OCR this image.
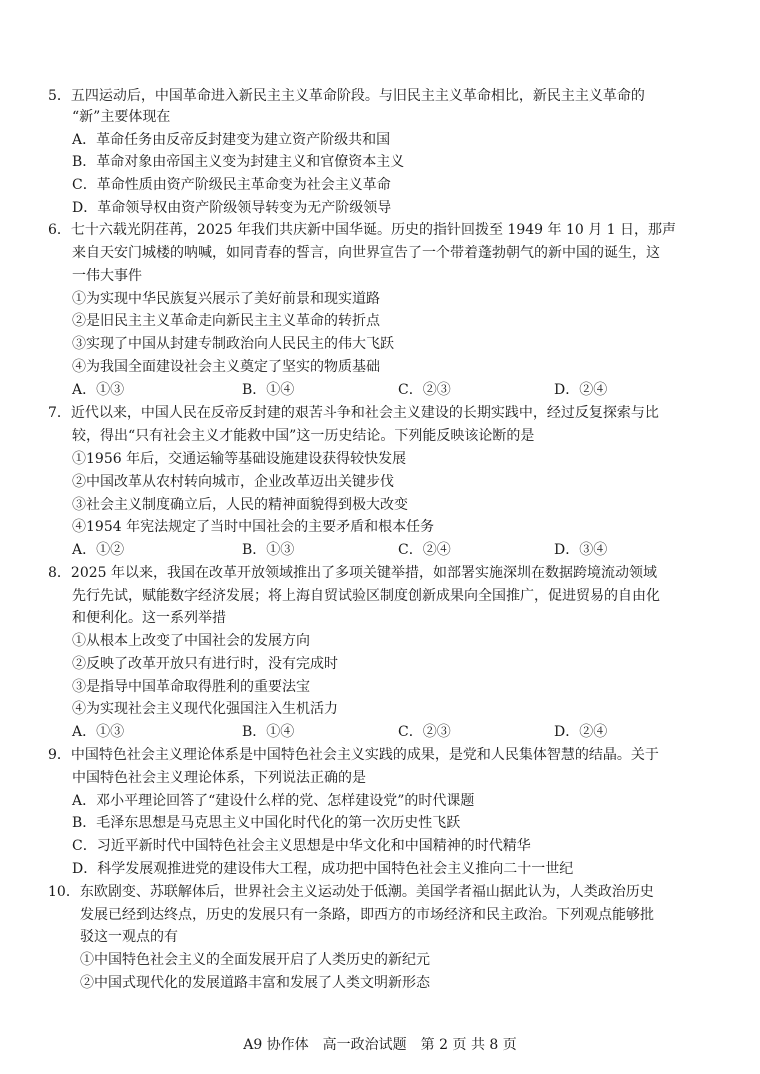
5．五四运动后，中国革命进入新民主主义革命阶段。与旧民主主义革命相比，新民主主义革命的
“新”主要体现在
A．革命任务由反帝反封建变为建立资产阶级共和国
B．革命对象由帝国主义变为封建主义和官僚资本主义
C．革命性质由资产阶级民主革命变为社会主义革命
D．革命领导权由资产阶级领导转变为无产阶级领导
6．七十六载光阴荏苒，2025 年我们共庆新中国华诞。历史的指针回拨至 1949 年 10 月 1 日，那声
来自天安门城楼的呐喊，如同青春的誓言，向世界宣告了一个带着蓬勃朝气的新中国的诞生，这
一伟大事件
①为实现中华民族复兴展示了美好前景和现实道路
②是旧民主主义革命走向新民主主义革命的转折点
③实现了中国从封建专制政治向人民民主的伟大飞跃
④为我国全面建设社会主义奠定了坚实的物质基础
A．①③	B．①④	C．②③	D．②④
7．近代以来，中国人民在反帝反封建的艰苦斗争和社会主义建设的长期实践中，经过反复探索与比
较，得出“只有社会主义才能救中国”这一历史结论。下列能反映该论断的是
①1956 年后，交通运输等基础设施建设获得较快发展
②中国改革从农村转向城市，企业改革迈出关键步伐
③社会主义制度确立后，人民的精神面貌得到极大改变
④1954 年宪法规定了当时中国社会的主要矛盾和根本任务
A．①②	B．①③	C．②④	D．③④
8．2025 年以来，我国在改革开放领域推出了多项关键举措，如部署实施深圳在数据跨境流动领域
先行先试，赋能数字经济发展；将上海自贸试验区制度创新成果向全国推广，促进贸易的自由化
和便利化。这一系列举措
①从根本上改变了中国社会的发展方向
②反映了改革开放只有进行时，没有完成时
③是指导中国革命取得胜利的重要法宝
④为实现社会主义现代化强国注入生机活力
A．①③	B．①④	C．②③	D．②④
9．中国特色社会主义理论体系是中国特色社会主义实践的成果，是党和人民集体智慧的结晶。关于
中国特色社会主义理论体系，下列说法正确的是
A．邓小平理论回答了“建设什么样的党、怎样建设党”的时代课题
B．毛泽东思想是马克思主义中国化时代化的第一次历史性飞跃
C．习近平新时代中国特色社会主义思想是中华文化和中国精神的时代精华
D．科学发展观推进党的建设伟大工程，成功把中国特色社会主义推向二十一世纪
10．东欧剧变、苏联解体后，世界社会主义运动处于低潮。美国学者福山据此认为，人类政治历史
发展已经到达终点，历史的发展只有一条路，即西方的市场经济和民主政治。下列观点能够批
驳这一观点的有
①中国特色社会主义的全面发展开启了人类历史的新纪元
②中国式现代化的发展道路丰富和发展了人类文明新形态
A9 协作体　高一政治试题　第 2 页 共 8 页
